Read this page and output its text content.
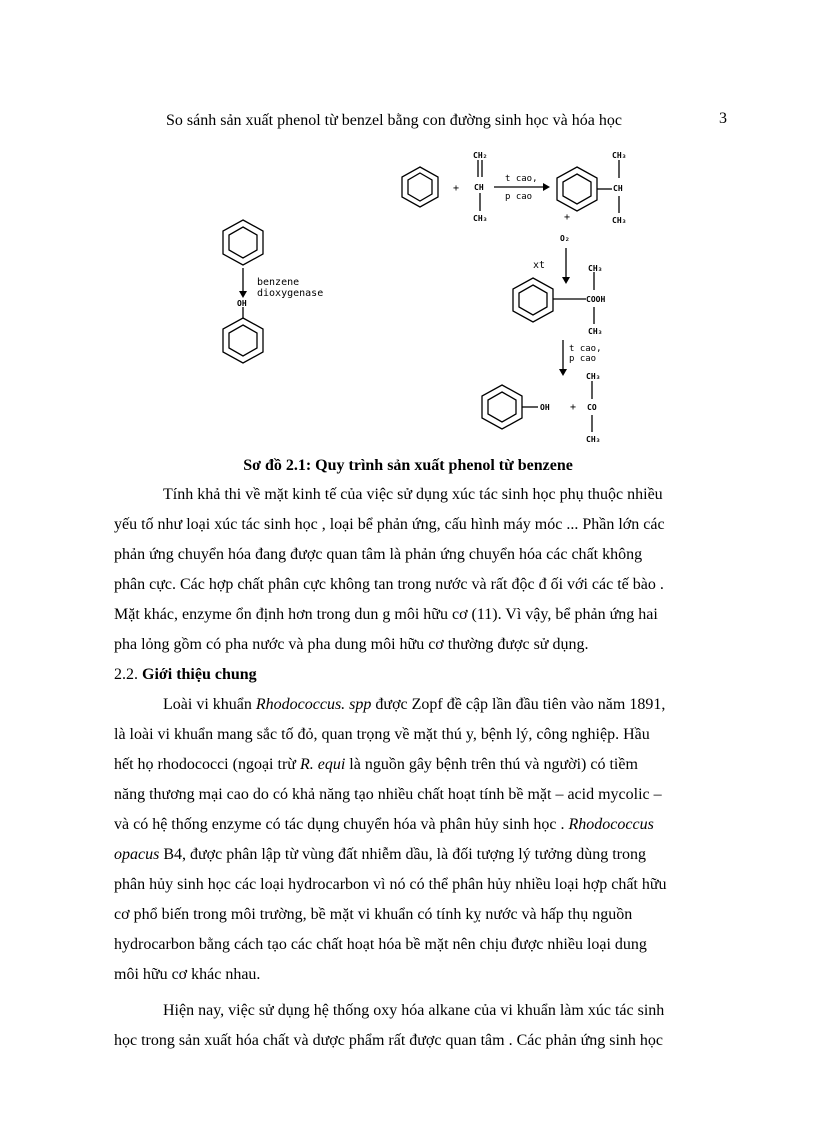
So sánh sản xuất phenol từ benzel bằng con đường sinh học và hóa học	3
benzene
dioxygenase
OH
+
CH₂
CH
CH₃
t cao,
p cao
CH₃
CH
CH₃
+
O₂
xt	CH₃
COOH
CH₃
t cao,
p cao
OH +
CH₃
CO
CH₃
Sơ đồ 2.1: Quy trình sản xuất phenol từ benzene

Tính khả thi về mặt kinh tế của việc sử dụng xúc tác sinh học phụ thuộc nhiều
yếu tố như loại xúc tác sinh học , loại bể phản ứng, cấu hình máy móc ... Phần lớn các
phản ứng chuyển hóa đang được quan tâm là phản ứng chuyển hóa các chất không
phân cực. Các hợp chất phân cực không tan trong nước và rất độc đ ối với các tế bào .
Mặt khác, enzyme ổn định hơn trong dun g môi hữu cơ (11). Vì vậy, bể phản ứng hai
pha lỏng gồm có pha nước và pha dung môi hữu cơ thường được sử dụng.

2.2. Giới thiệu chung

Loài vi khuẩn Rhodococcus. spp được Zopf đề cập lần đầu tiên vào năm 1891,
là loài vi khuẩn mang sắc tố đỏ, quan trọng về mặt thú y, bệnh lý, công nghiệp. Hầu
hết họ rhodococci (ngoại trừ R. equi là nguồn gây bệnh trên thú và người) có tiềm
năng thương mại cao do có khả năng tạo nhiều chất hoạt tính bề mặt – acid mycolic –
và có hệ thống enzyme có tác dụng chuyển hóa và phân hủy sinh học . Rhodococcus
opacus B4, được phân lập từ vùng đất nhiễm dầu, là đối tượng lý tưởng dùng trong
phân hủy sinh học các loại hydrocarbon vì nó có thể phân hủy nhiều loại hợp chất hữu
cơ phổ biến trong môi trường, bề mặt vi khuẩn có tính kỵ nước và hấp thụ nguồn
hydrocarbon bằng cách tạo các chất hoạt hóa bề mặt nên chịu được nhiều loại dung
môi hữu cơ khác nhau.

Hiện nay, việc sử dụng hệ thống oxy hóa alkane của vi khuẩn làm xúc tác sinh
học trong sản xuất hóa chất và dược phẩm rất được quan tâm . Các phản ứng sinh học
